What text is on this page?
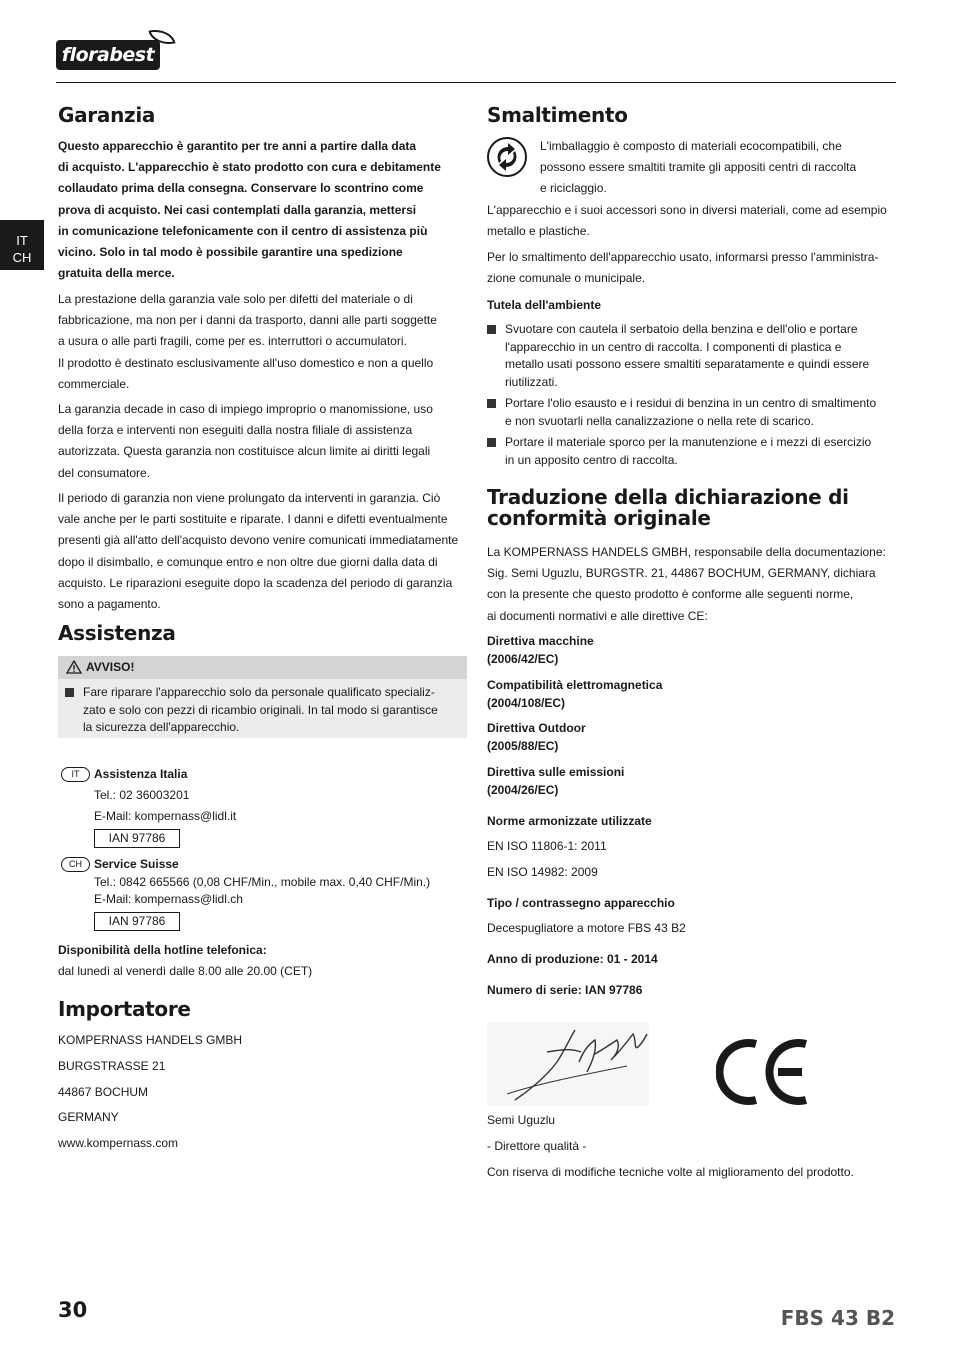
florabest
IT
CH
Garanzia

Questo apparecchio è garantito per tre anni a partire dalla data

di acquisto. L'apparecchio è stato prodotto con cura e debitamente

collaudato prima della consegna. Conservare lo scontrino come

prova di acquisto. Nei casi contemplati dalla garanzia, mettersi

in comunicazione telefonicamente con il centro di assistenza più

vicino. Solo in tal modo è possibile garantire una spedizione

gratuita della merce.

La prestazione della garanzia vale solo per difetti del materiale o di

fabbricazione, ma non per i danni da trasporto, danni alle parti soggette

a usura o alle parti fragili, come per es. interruttori o accumulatori.

Il prodotto è destinato esclusivamente all'uso domestico e non a quello

commerciale.

La garanzia decade in caso di impiego improprio o manomissione, uso

della forza e interventi non eseguiti dalla nostra filiale di assistenza

autorizzata. Questa garanzia non costituisce alcun limite ai diritti legali

del consumatore.

Il periodo di garanzia non viene prolungato da interventi in garanzia. Ciò

vale anche per le parti sostituite e riparate. I danni e difetti eventualmente

presenti già all'atto dell'acquisto devono venire comunicati immediatamente

dopo il disimballo, e comunque entro e non oltre due giorni dalla data di

acquisto. Le riparazioni eseguite dopo la scadenza del periodo di garanzia

sono a pagamento.

Assistenza
AVVISO!
Fare riparare l'apparecchio solo da personale qualificato specializ-
zato e solo con pezzi di ricambio originali. In tal modo si garantisce
la sicurezza dell'apparecchio.
IT	Assistenza Italia

Tel.: 02 36003201

E-Mail: kompernass@lidl.it

IAN 97786
CH	Service Suisse

Tel.: 0842 665566 (0,08 CHF/Min., mobile max. 0,40 CHF/Min.)

E-Mail: kompernass@lidl.ch

IAN 97786

Disponibilità della hotline telefonica:

dal lunedì al venerdì dalle 8.00 alle 20.00 (CET)

Importatore

KOMPERNASS HANDELS GMBH

BURGSTRASSE 21

44867 BOCHUM

GERMANY

www.kompernass.com

Smaltimento

L'imballaggio è composto di materiali ecocompatibili, che

possono essere smaltiti tramite gli appositi centri di raccolta

e riciclaggio.

L'apparecchio e i suoi accessori sono in diversi materiali, come ad esempio

metallo e plastiche.

Per lo smaltimento dell'apparecchio usato, informarsi presso l'amministra-

zione comunale o municipale.

Tutela dell'ambiente

Svuotare con cautela il serbatoio della benzina e dell'olio e portare
l'apparecchio in un centro di raccolta. I componenti di plastica e
metallo usati possono essere smaltiti separatamente e quindi essere
riutilizzati.
Portare l'olio esausto e i residui di benzina in un centro di smaltimento
e non svuotarli nella canalizzazione o nella rete di scarico.
Portare il materiale sporco per la manutenzione e i mezzi di esercizio
in un apposito centro di raccolta.
Traduzione della dichiarazione di
conformità originale

La KOMPERNASS HANDELS GMBH, responsabile della documentazione:

Sig. Semi Uguzlu, BURGSTR. 21, 44867 BOCHUM, GERMANY, dichiara

con la presente che questo prodotto è conforme alle seguenti norme,

ai documenti normativi e alle direttive CE:

Direttiva macchine
(2006/42/EC)
Compatibilità elettromagnetica
(2004/108/EC)
Direttiva Outdoor
(2005/88/EC)
Direttiva sulle emissioni
(2004/26/EC)

Norme armonizzate utilizzate

EN ISO 11806-1: 2011

EN ISO 14982: 2009

Tipo / contrassegno apparecchio

Decespugliatore a motore FBS 43 B2

Anno di produzione: 01 - 2014

Numero di serie: IAN 97786

Semi Uguzlu

- Direttore qualità -

Con riserva di modifiche tecniche volte al miglioramento del prodotto.

30	FBS 43 B2
